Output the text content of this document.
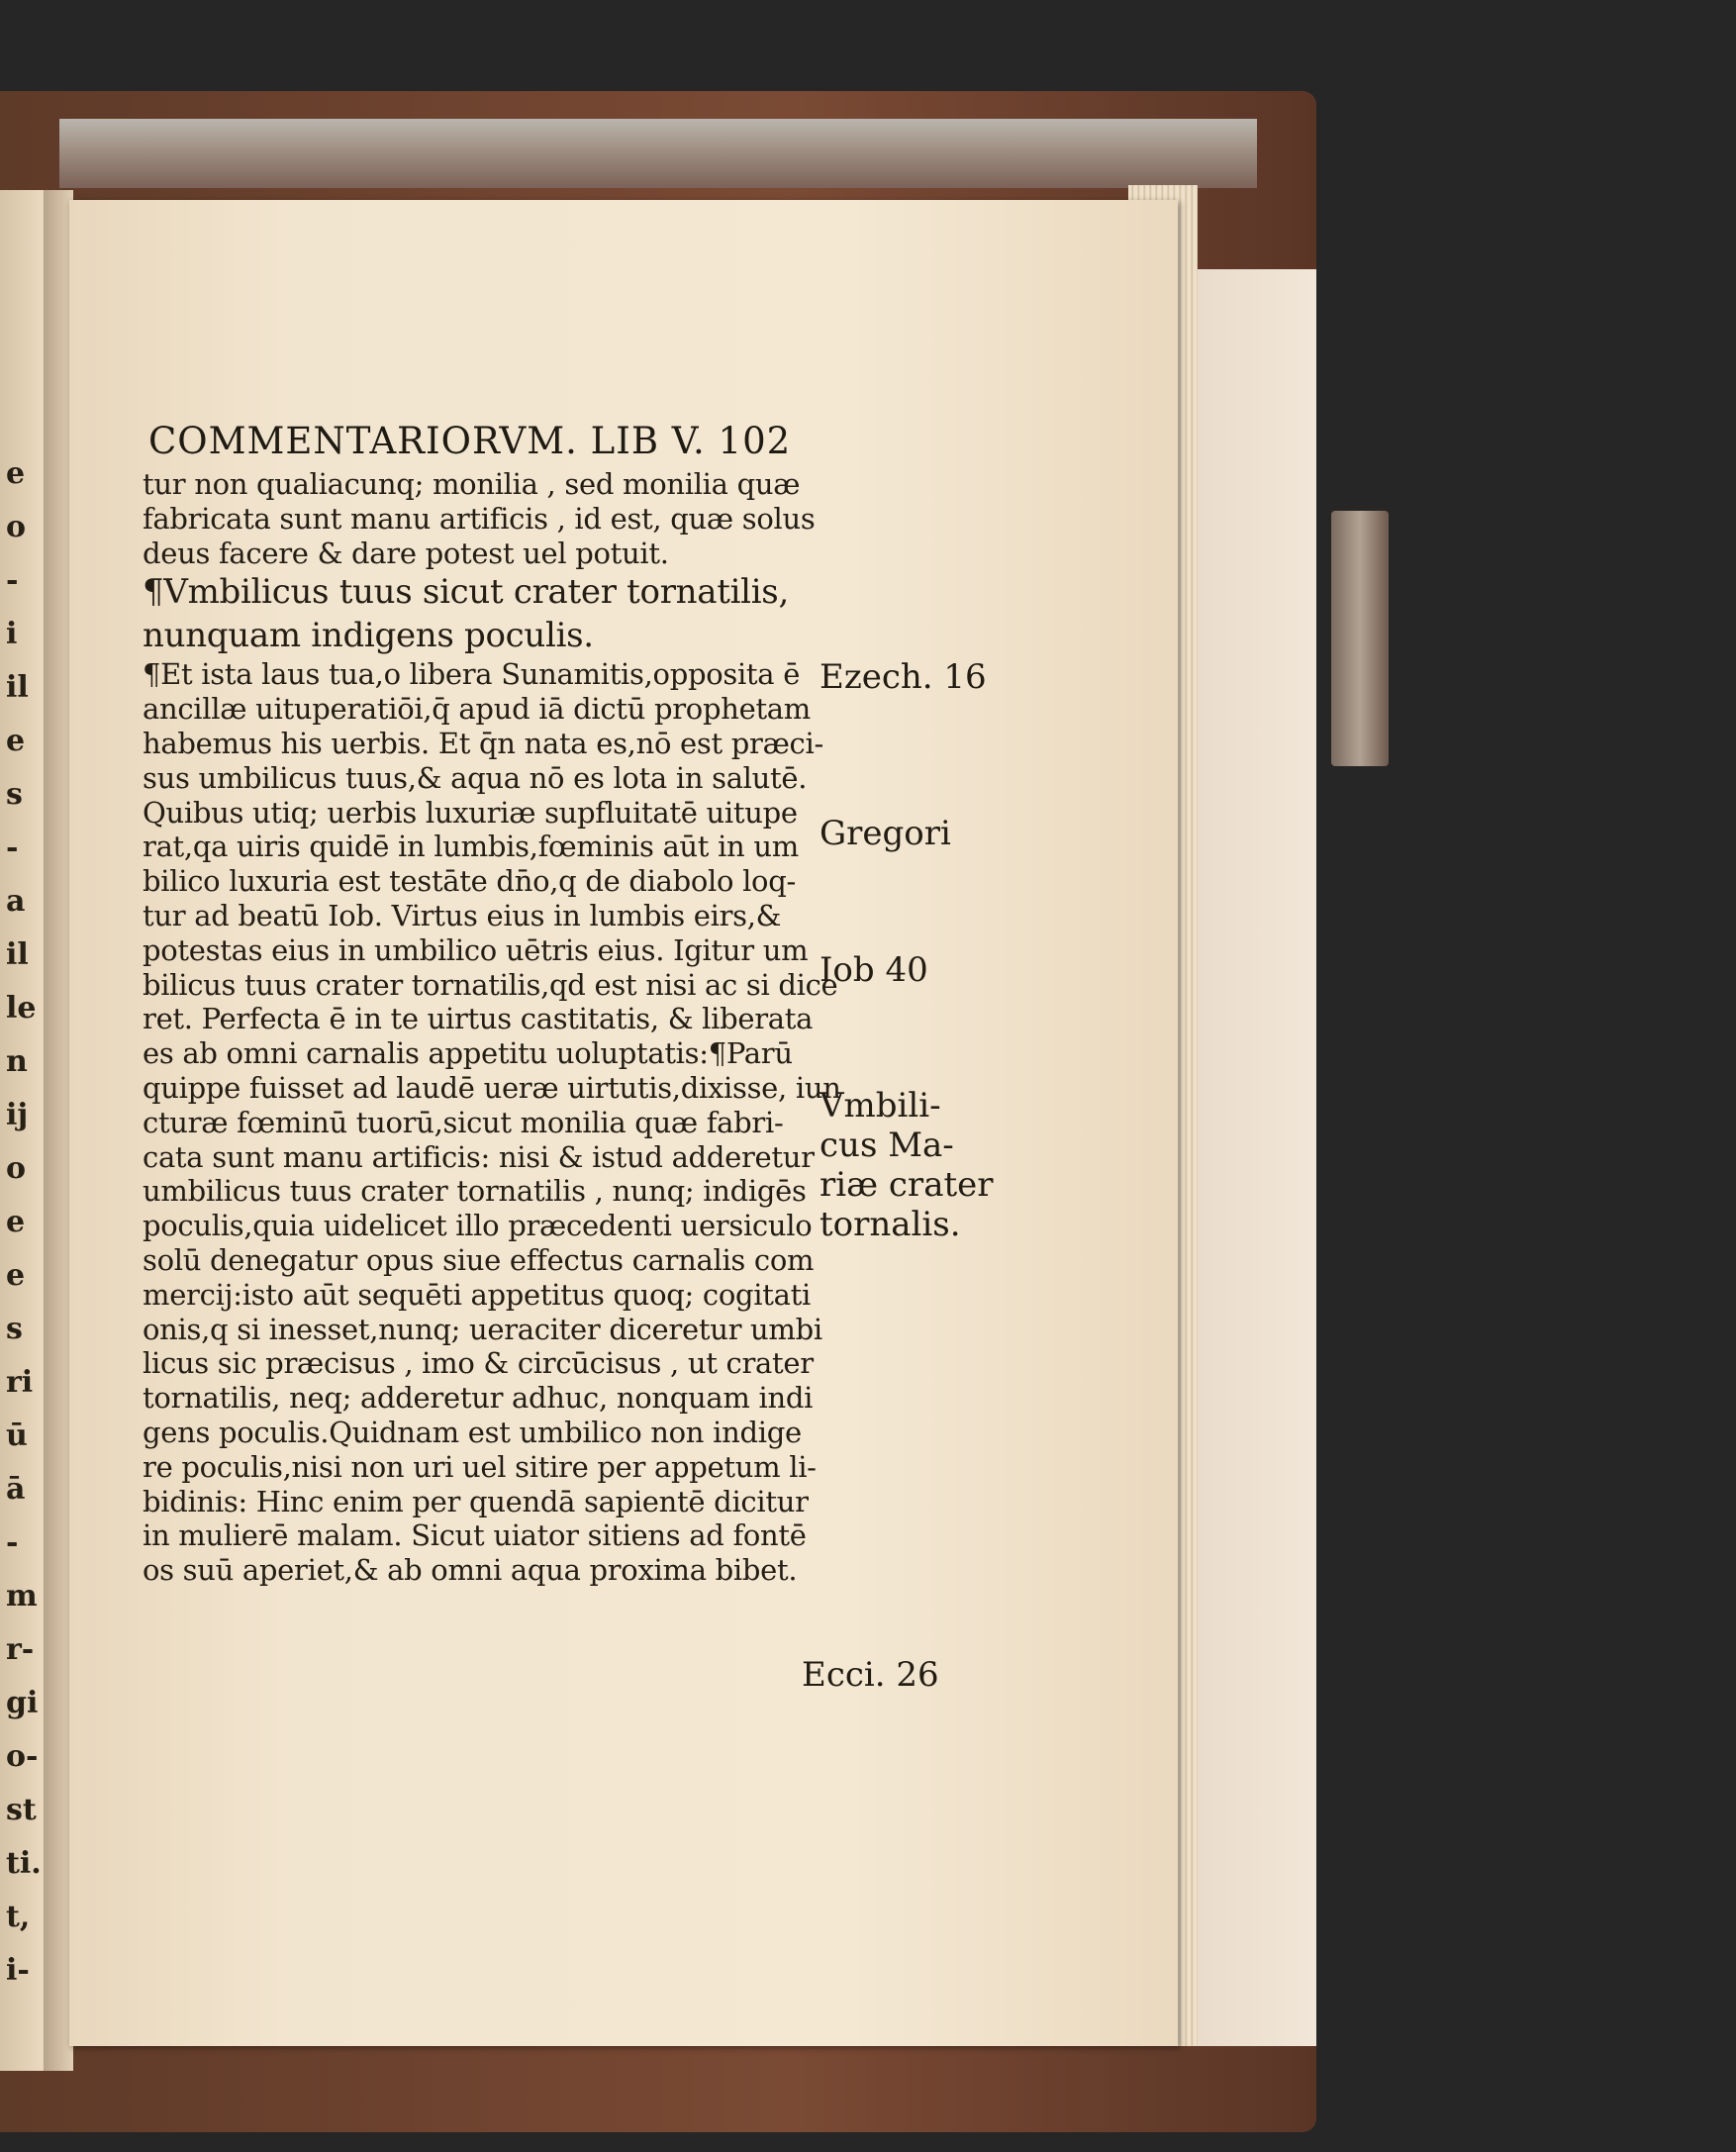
e
o
-
i
il
e
s
-
a
il
le
n
ij
o
e
e
s
ri
ū
ā
-
m
r-
gi
o-
st
ti.
t,
i-
COMMENTARIORVM. LIB V. 102
tur non qualiacunq; monilia , sed monilia quæ
fabricata sunt manu artificis , id est, quæ solus
deus facere & dare potest uel potuit.
¶Vmbilicus tuus sicut crater tornatilis,
nunquam indigens poculis.
¶Et ista laus tua,o libera Sunamitis,opposita ē
ancillæ uituperatiōi,q̄ apud iā dictū prophetam
habemus his uerbis. Et q̄n nata es,nō est præci-
sus umbilicus tuus,& aqua nō es lota in salutē.
Quibus utiq; uerbis luxuriæ supfluitatē uitupe
rat,qa uiris quidē in lumbis,fœminis aūt in um
bilico luxuria est testāte dn̄o,q de diabolo loq-
tur ad beatū Iob. Virtus eius in lumbis eirs,&
potestas eius in umbilico uētris eius. Igitur um
bilicus tuus crater tornatilis,qd est nisi ac si dice
ret. Perfecta ē in te uirtus castitatis, & liberata
es ab omni carnalis appetitu uoluptatis:¶Parū
quippe fuisset ad laudē ueræ uirtutis,dixisse, iun
cturæ fœminū tuorū,sicut monilia quæ fabri-
cata sunt manu artificis: nisi & istud adderetur
umbilicus tuus crater tornatilis , nunq; indigēs
poculis,quia uidelicet illo præcedenti uersiculo
solū denegatur opus siue effectus carnalis com
mercij:isto aūt sequēti appetitus quoq; cogitati
onis,q si inesset,nunq; ueraciter diceretur umbi
licus sic præcisus , imo & circūcisus , ut crater
tornatilis, neq; adderetur adhuc, nonquam indi
gens poculis.Quidnam est umbilico non indige
re poculis,nisi non uri uel sitire per appetum li-
bidinis: Hinc enim per quendā sapientē dicitur
in mulierē malam. Sicut uiator sitiens ad fontē
os suū aperiet,& ab omni aqua proxima bibet.
Ezech. 16
Gregori
Iob 40
Vmbili-
cus Ma-
riæ crater
tornalis.
Ecci. 26
